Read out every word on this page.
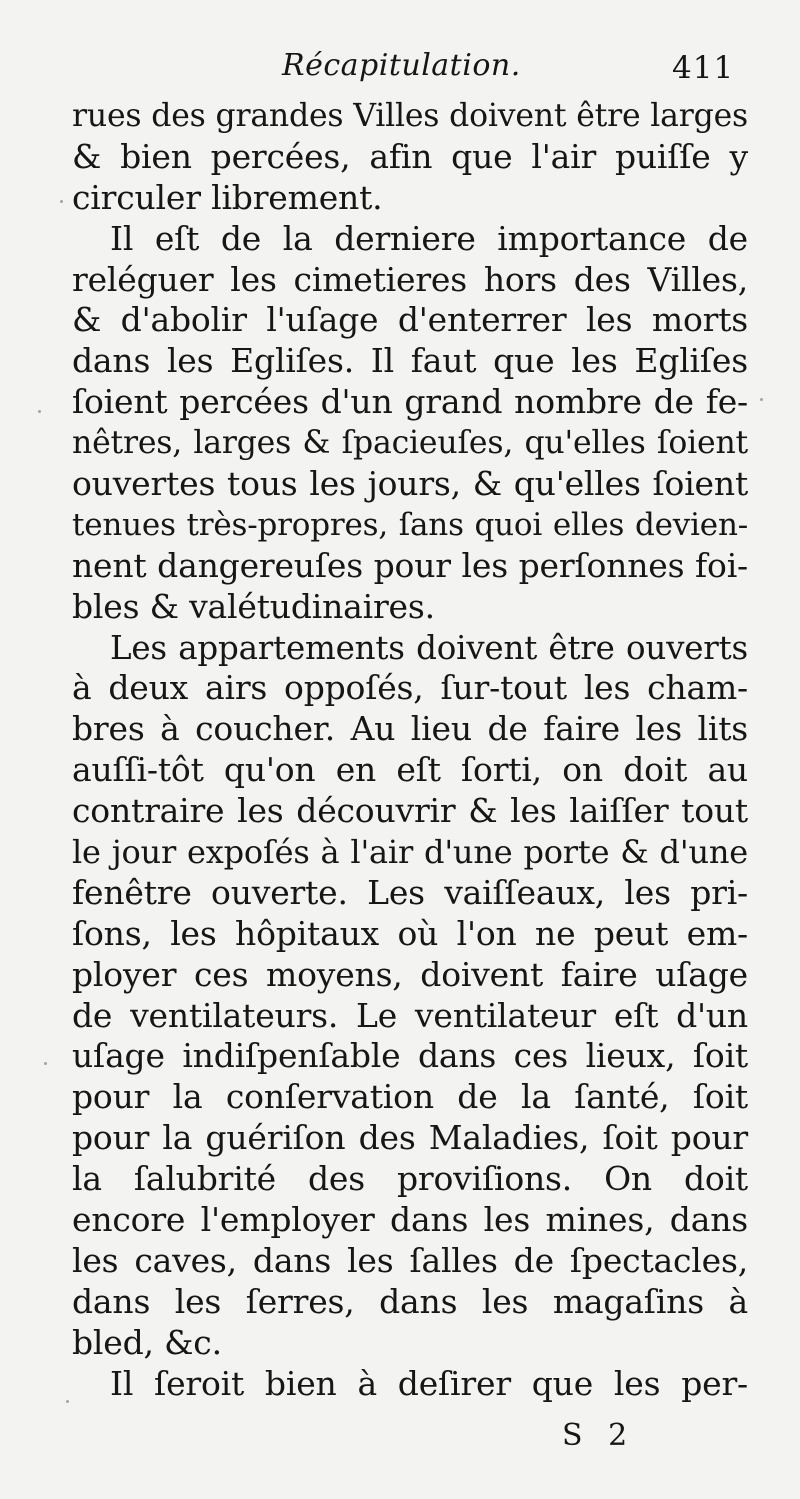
Récapitulation.	411
rues des grandes Villes doivent être larges
& bien percées, afin que l'air puiſſe y
circuler librement.
Il eſt de la derniere importance de
reléguer les cimetieres hors des Villes,
& d'abolir l'uſage d'enterrer les morts
dans les Egliſes. Il faut que les Egliſes
ſoient percées d'un grand nombre de fe-
nêtres, larges & ſpacieuſes, qu'elles ſoient
ouvertes tous les jours, & qu'elles ſoient
tenues très-propres, ſans quoi elles devien-
nent dangereuſes pour les perſonnes foi-
bles & valétudinaires.
Les appartements doivent être ouverts
à deux airs oppoſés, ſur-tout les cham-
bres à coucher. Au lieu de faire les lits
auſſi-tôt qu'on en eſt ſorti, on doit au
contraire les découvrir & les laiſſer tout
le jour expoſés à l'air d'une porte & d'une
fenêtre ouverte. Les vaiſſeaux, les pri-
ſons, les hôpitaux où l'on ne peut em-
ployer ces moyens, doivent faire uſage
de ventilateurs. Le ventilateur eſt d'un
uſage indiſpenſable dans ces lieux, ſoit
pour la conſervation de la ſanté, ſoit
pour la guériſon des Maladies, ſoit pour
la ſalubrité des proviſions. On doit
encore l'employer dans les mines, dans
les caves, dans les ſalles de ſpectacles,
dans les ſerres, dans les magaſins à
bled, &c.
Il ſeroit bien à deſirer que les per-
S 2
